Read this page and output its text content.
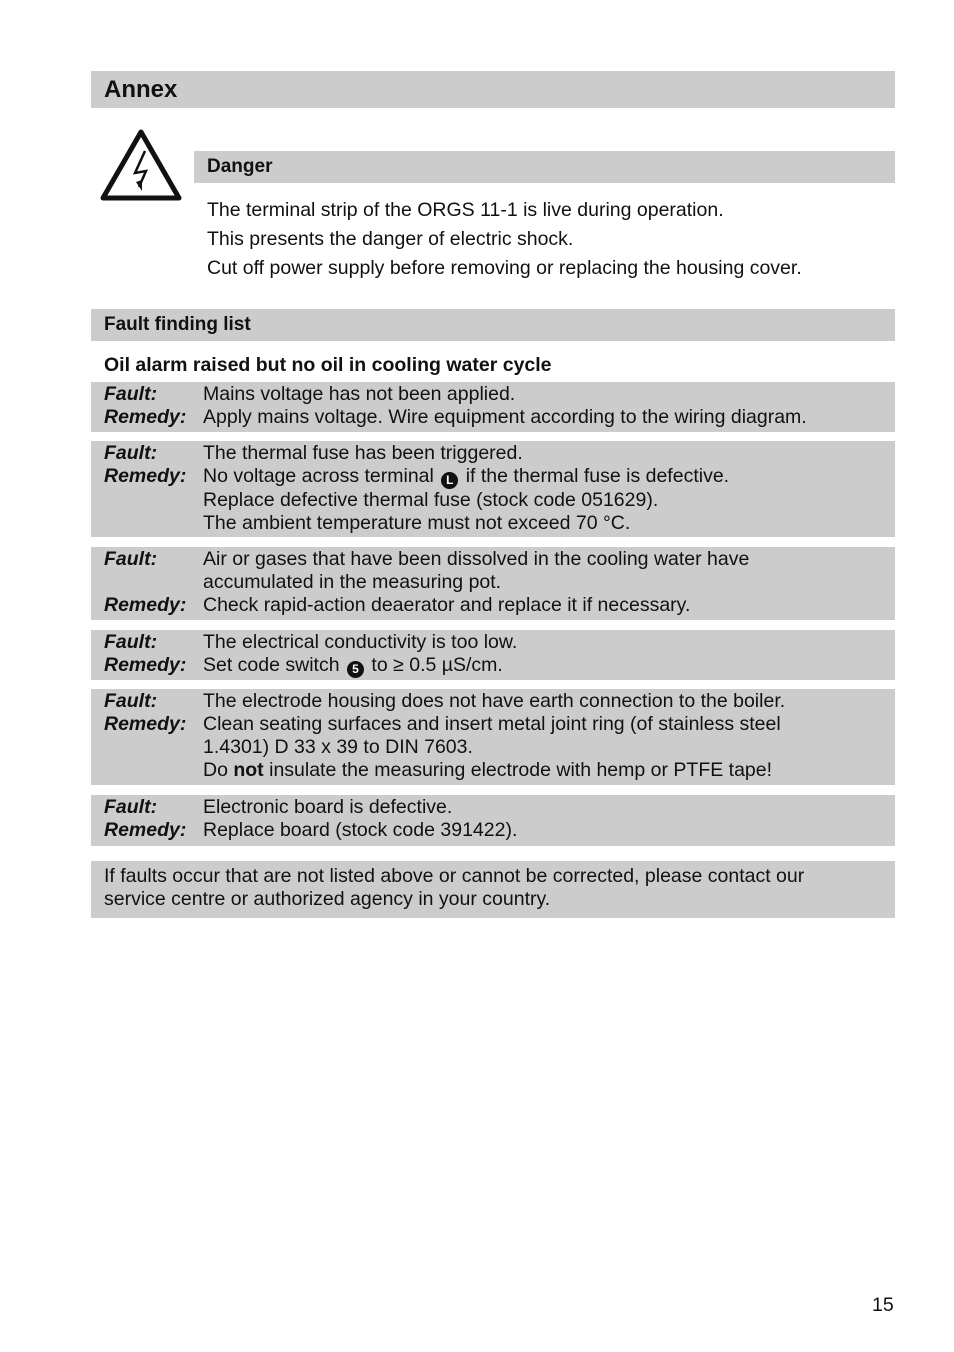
Annex
Danger
The terminal strip of the ORGS 11-1 is live during operation.
This presents the danger of electric shock.
Cut off power supply before removing or replacing the housing cover.
Fault finding list
Oil alarm raised but no oil in cooling water cycle
Fault:	Mains voltage has not been applied.
Remedy: Apply mains voltage. Wire equipment according to the wiring diagram.
Fault:	The thermal fuse has been triggered.
Remedy: No voltage across terminal L if the thermal fuse is defective.
Replace defective thermal fuse (stock code 051629).
The ambient temperature must not exceed 70 °C.
Fault:	Air or gases that have been dissolved in the cooling water have
accumulated in the measuring pot.
Remedy: Check rapid-action deaerator and replace it if necessary.
Fault:	The electrical conductivity is too low.
Remedy: Set code switch 5 to ≥ 0.5 µS/cm.
Fault:	The electrode housing does not have earth connection to the boiler.
Remedy: Clean seating surfaces and insert metal joint ring (of stainless steel
1.4301) D 33 x 39 to DIN 7603.
Do not insulate the measuring electrode with hemp or PTFE tape!
Fault:	Electronic board is defective.
Remedy: Replace board (stock code 391422).
If faults occur that are not listed above or cannot be corrected, please contact our
service centre or authorized agency in your country.
15
